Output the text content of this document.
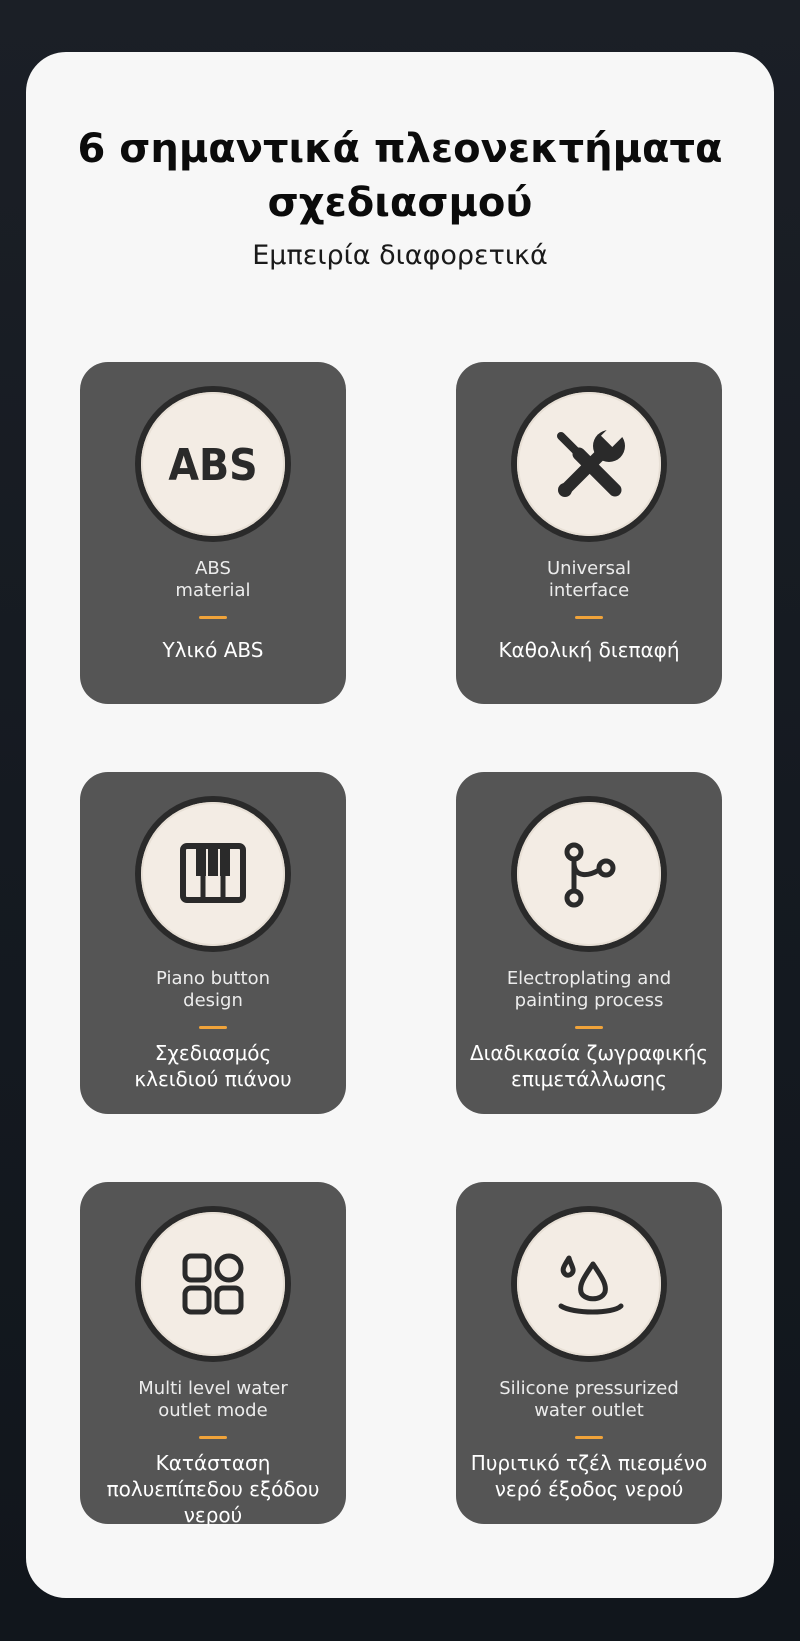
6 σημαντικά πλεονεκτήματα
σχεδιασμού

Εμπειρία διαφορετικά

ABS
ABS
material
Υλικό ABS
Universal
interface
Καθολική διεπαφή
Piano button
design
Σχεδιασμός
κλειδιού πιάνου
Electroplating and
painting process
Διαδικασία ζωγραφικής
επιμετάλλωσης
Multi level water
outlet mode
Κατάσταση
πολυεπίπεδου εξόδου
νερού
Silicone pressurized
water outlet
Πυριτικό τζέλ πιεσμένο
νερό έξοδος νερού
